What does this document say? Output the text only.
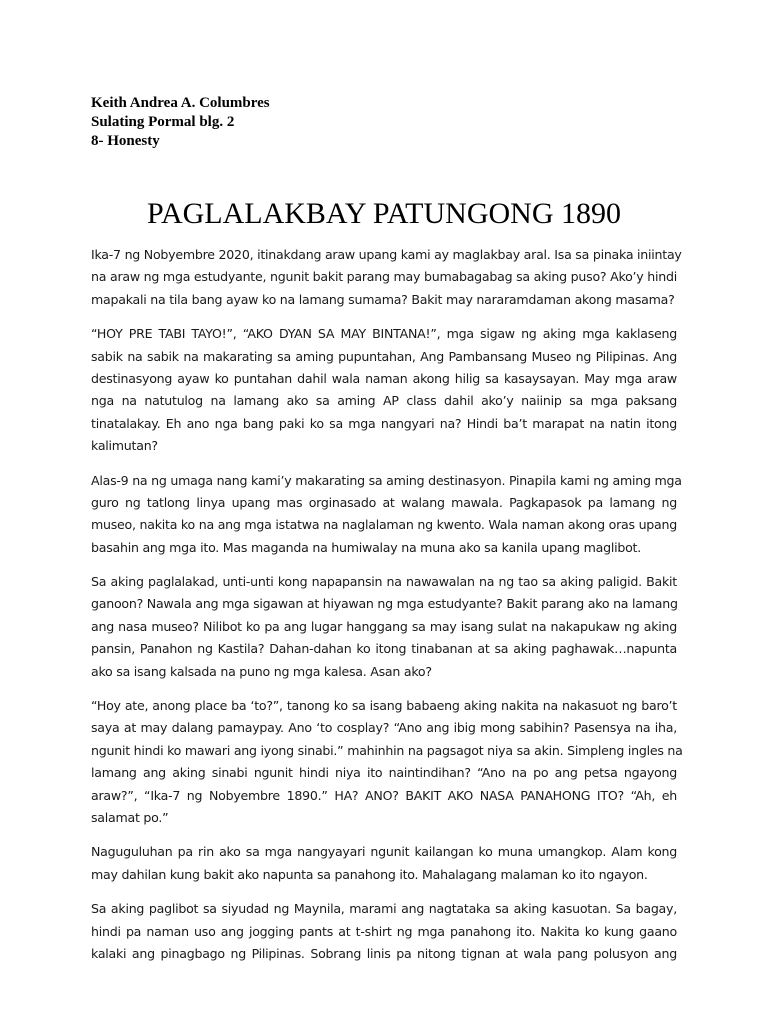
Keith Andrea A. Columbres
Sulating Pormal blg. 2
8- Honesty
PAGLALAKBAY PATUNGONG 1890
Ika-7 ng Nobyembre 2020, itinakdang araw upang kami ay maglakbay aral. Isa sa pinaka iniintay
na araw ng mga estudyante, ngunit bakit parang may bumabagabag sa aking puso? Ako’y hindi
mapakali na tila bang ayaw ko na lamang sumama? Bakit may nararamdaman akong masama?
“HOY PRE TABI TAYO!”, “AKO DYAN SA MAY BINTANA!”, mga sigaw ng aking mga kaklaseng
sabik na sabik na makarating sa aming pupuntahan, Ang Pambansang Museo ng Pilipinas. Ang
destinasyong ayaw ko puntahan dahil wala naman akong hilig sa kasaysayan. May mga araw
nga na natutulog na lamang ako sa aming AP class dahil ako’y naiinip sa mga paksang
tinatalakay. Eh ano nga bang paki ko sa mga nangyari na? Hindi ba’t marapat na natin itong
kalimutan?
Alas-9 na ng umaga nang kami’y makarating sa aming destinasyon. Pinapila kami ng aming mga
guro ng tatlong linya upang mas orginasado at walang mawala. Pagkapasok pa lamang ng
museo, nakita ko na ang mga istatwa na naglalaman ng kwento. Wala naman akong oras upang
basahin ang mga ito. Mas maganda na humiwalay na muna ako sa kanila upang maglibot.
Sa aking paglalakad, unti-unti kong napapansin na nawawalan na ng tao sa aking paligid. Bakit
ganoon? Nawala ang mga sigawan at hiyawan ng mga estudyante? Bakit parang ako na lamang
ang nasa museo? Nilibot ko pa ang lugar hanggang sa may isang sulat na nakapukaw ng aking
pansin, Panahon ng Kastila? Dahan-dahan ko itong tinabanan at sa aking paghawak…napunta
ako sa isang kalsada na puno ng mga kalesa. Asan ako?
“Hoy ate, anong place ba ‘to?”, tanong ko sa isang babaeng aking nakita na nakasuot ng baro’t
saya at may dalang pamaypay. Ano ‘to cosplay? “Ano ang ibig mong sabihin? Pasensya na iha,
ngunit hindi ko mawari ang iyong sinabi.” mahinhin na pagsagot niya sa akin. Simpleng ingles na
lamang ang aking sinabi ngunit hindi niya ito naintindihan? “Ano na po ang petsa ngayong
araw?”, “Ika-7 ng Nobyembre 1890.” HA? ANO? BAKIT AKO NASA PANAHONG ITO? “Ah, eh
salamat po.”
Naguguluhan pa rin ako sa mga nangyayari ngunit kailangan ko muna umangkop. Alam kong
may dahilan kung bakit ako napunta sa panahong ito. Mahalagang malaman ko ito ngayon.
Sa aking paglibot sa siyudad ng Maynila, marami ang nagtataka sa aking kasuotan. Sa bagay,
hindi pa naman uso ang jogging pants at t-shirt ng mga panahong ito. Nakita ko kung gaano
kalaki ang pinagbago ng Pilipinas. Sobrang linis pa nitong tignan at wala pang polusyon ang
